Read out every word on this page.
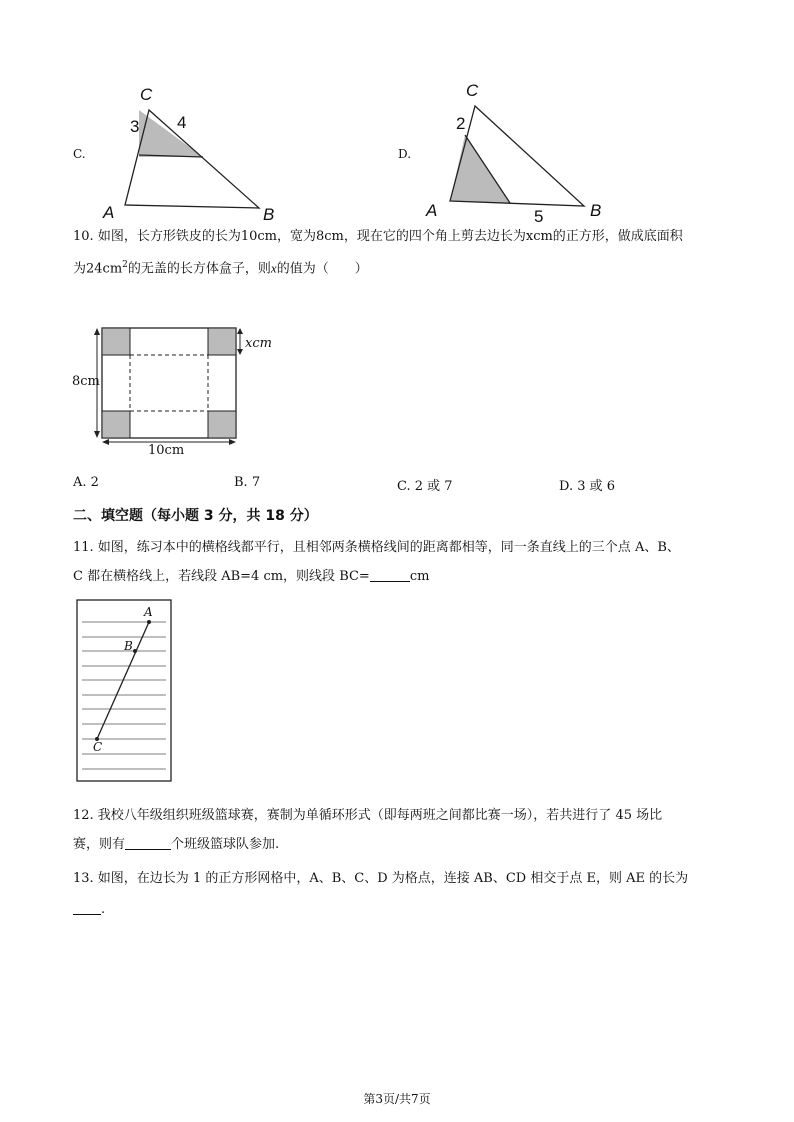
C.
C
3 4
A	B
D.
C
2
A	5	B
10. 如图，长方形铁皮的长为10cm，宽为8cm，现在它的四个角上剪去边长为xcm的正方形，做成底面积
为$24cm^2$的无盖的长方体盒子，则x的值为（　　）
8cm
10cm
xcm
A. 2	B. 7	C. 2 或 7	D. 3 或 6
二、填空题（每小题 3 分，共 18 分）
11. 如图，练习本中的横格线都平行，且相邻两条横格线间的距离都相等，同一条直线上的三个点 A、B、
C 都在横格线上，若线段 AB=4 cm，则线段 BC=	cm
A
B
C
12. 我校八年级组织班级篮球赛，赛制为单循环形式（即每两班之间都比赛一场），若共进行了 45 场比
赛，则有	个班级篮球队参加.
13. 如图，在边长为 1 的正方形网格中，A、B、C、D 为格点，连接 AB、CD 相交于点 E，则 AE 的长为
.
第3页/共7页
